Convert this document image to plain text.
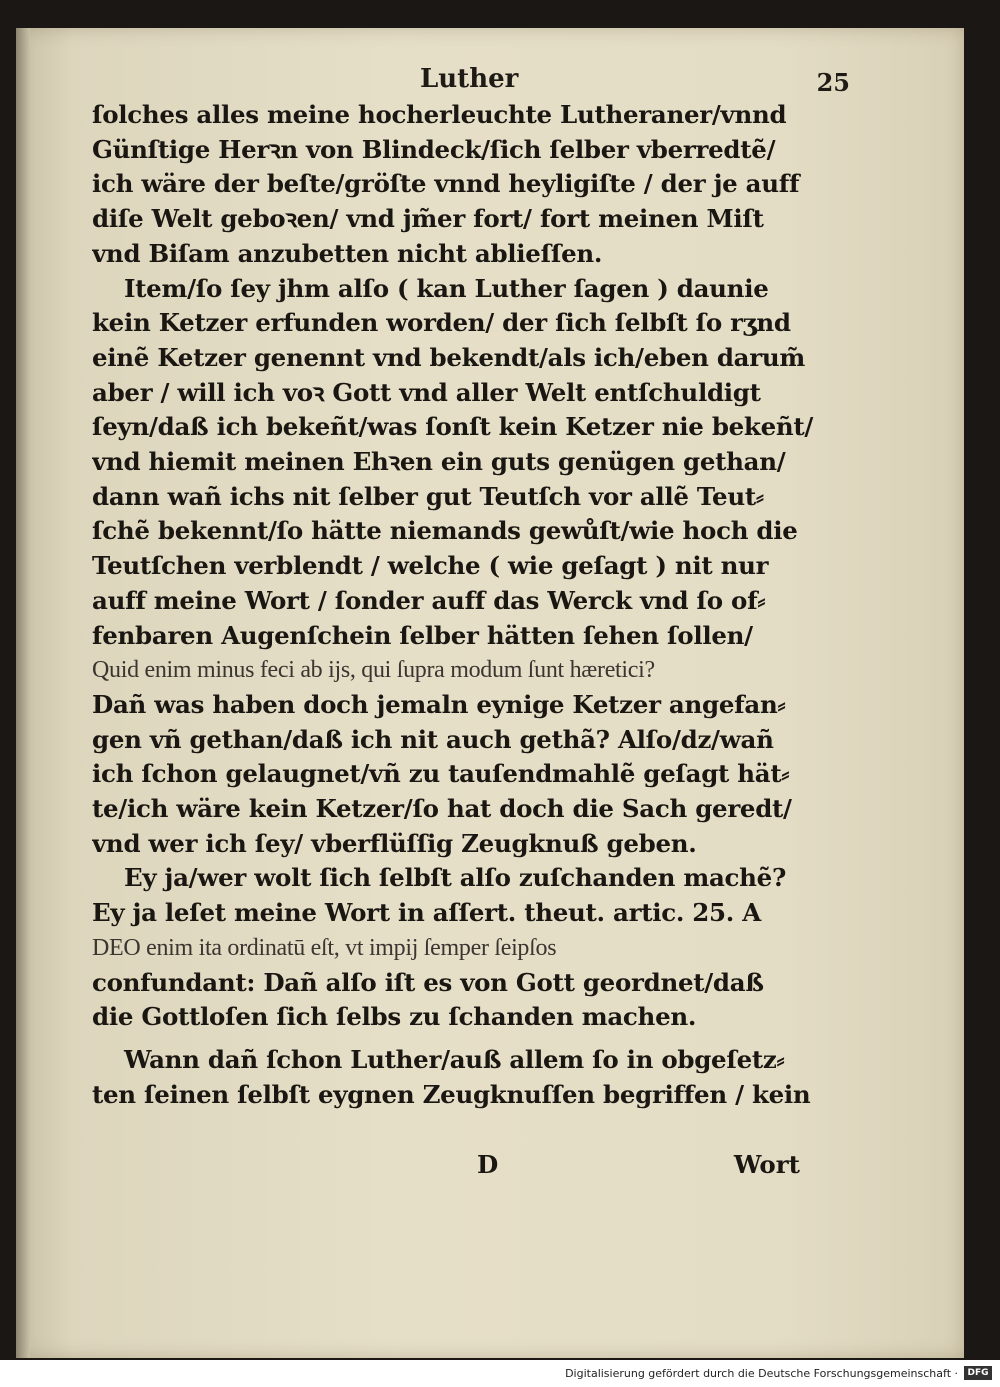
Luther	25
ſolches alles meine hocherleuchte Lutheraner/vnnd
Günſtige Herꝛn von Blindeck/ſich ſelber vberredtẽ/
ich wäre der beſte/gröſte vnnd heyligiſte / der je auff
diſe Welt geboꝛen/ vnd jm̃er fort/ fort meinen Miſt
vnd Biſam anzubetten nicht ablieſſen.
Item/ſo ſey jhm alſo ( kan Luther ſagen ) daunie
kein Ketzer erfunden worden/ der ſich ſelbſt ſo rʒnd
einẽ Ketzer genennt vnd bekendt/als ich/eben darum̃
aber / will ich voꝛ Gott vnd aller Welt entſchuldigt
ſeyn/daß ich bekeñt/was ſonſt kein Ketzer nie bekeñt/
vnd hiemit meinen Ehꝛen ein guts genügen gethan/
dann wañ ichs nit ſelber gut Teutſch vor allẽ Teut⸗
ſchẽ bekennt/ſo hätte niemands gewůſt/wie hoch die
Teutſchen verblendt / welche ( wie geſagt ) nit nur
auff meine Wort / ſonder auff das Werck vnd ſo of⸗
fenbaren Augenſchein ſelber hätten ſehen ſollen/
Quid enim minus feci ab ijs, qui ſupra modum ſunt hæretici?
Dañ was haben doch jemaln eynige Ketzer angefan⸗
gen vñ gethan/daß ich nit auch gethã? Alſo/dz/wañ
ich ſchon gelaugnet/vñ zu tauſendmahlẽ geſagt hät⸗
te/ich wäre kein Ketzer/ſo hat doch die Sach geredt/
vnd wer ich ſey/ vberflüſſig Zeugknuß geben.
Ey ja/wer wolt ſich ſelbſt alſo zuſchanden machẽ?
Ey ja leſet meine Wort in aſſert. theut. artic. 25. A
DEO enim ita ordinatū eſt, vt impij ſemper ſeipſos
confundant: Dañ alſo iſt es von Gott geordnet/daß
die Gottloſen ſich ſelbs zu ſchanden machen.
Wann dañ ſchon Luther/auß allem ſo in obgeſetz⸗
ten ſeinen ſelbſt eygnen Zeugknuſſen begriffen / kein
D	Wort
Digitalisierung gefördert durch die Deutsche Forschungsgemeinschaft ·	DFG
